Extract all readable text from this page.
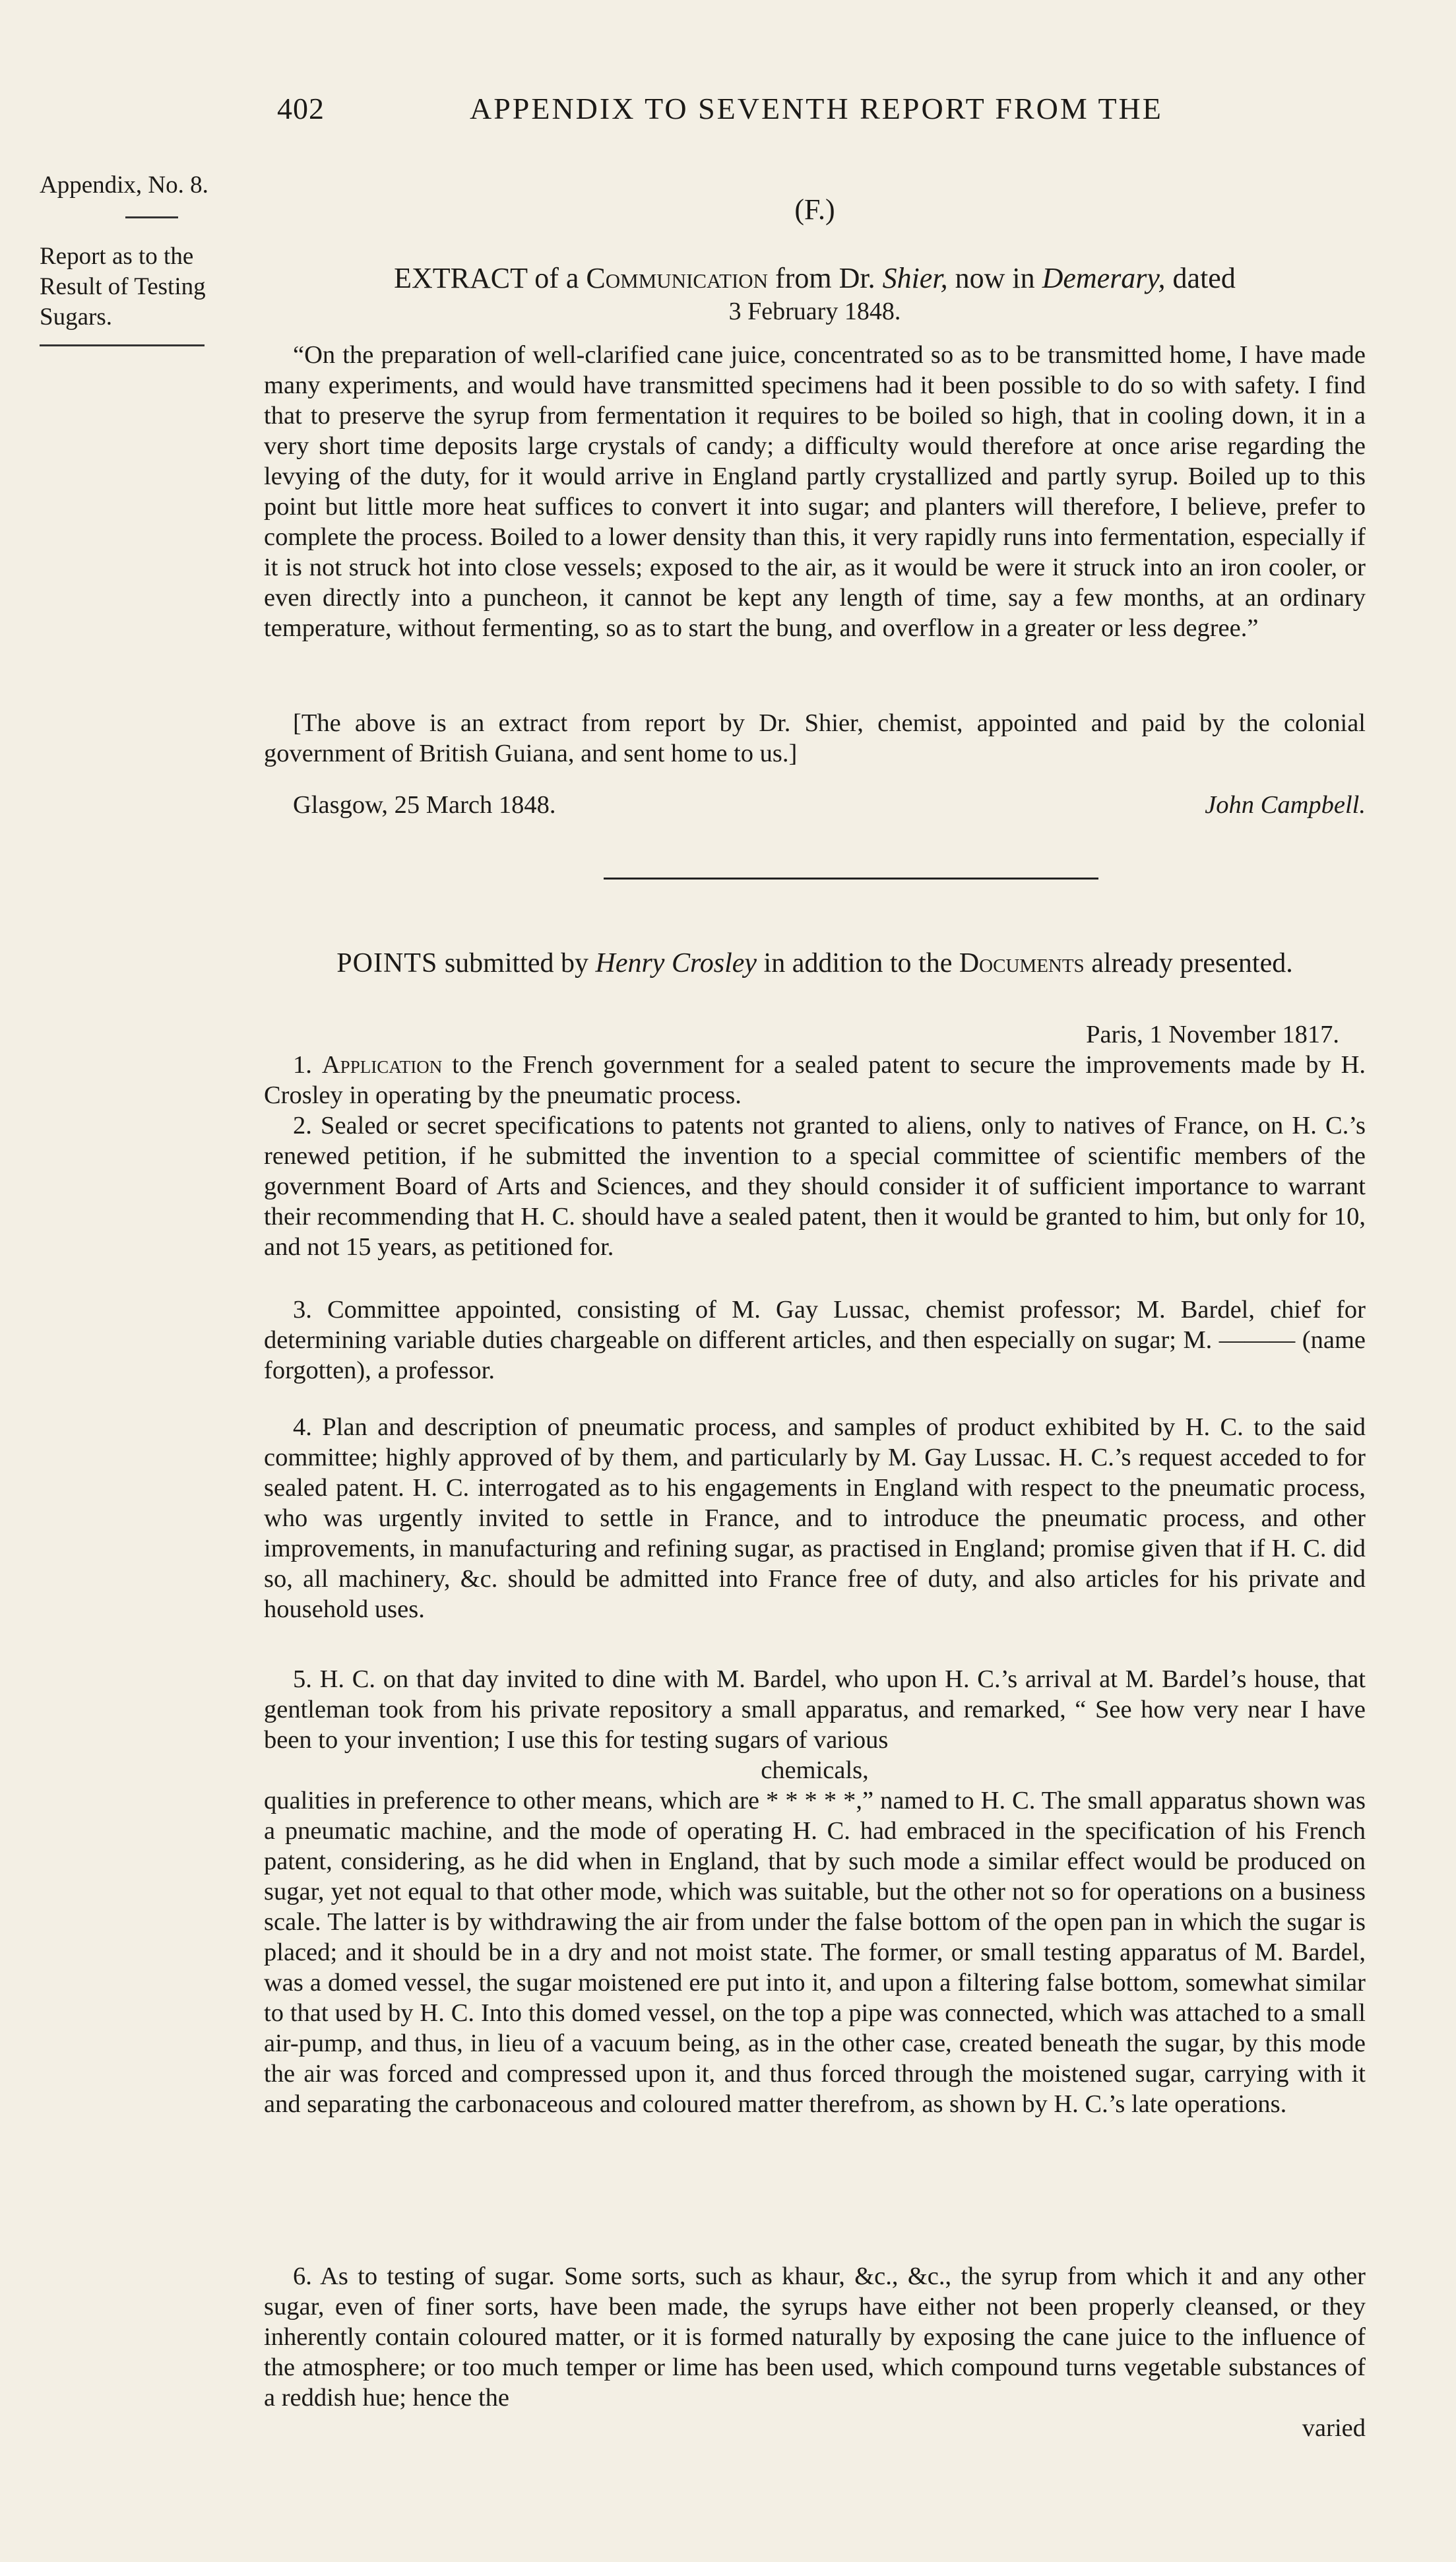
402	APPENDIX TO SEVENTH REPORT FROM THE
Appendix, No. 8.
Report as to the Result of Testing Sugars.

(F.)

EXTRACT of a Communication from Dr. Shier, now in Demerary, dated

3 February 1848.

“On the preparation of well-clarified cane juice, concentrated so as to be transmitted home, I have made many experiments, and would have transmitted specimens had it been possible to do so with safety. I find that to preserve the syrup from fermentation it requires to be boiled so high, that in cooling down, it in a very short time deposits large crystals of candy; a difficulty would therefore at once arise regarding the levying of the duty, for it would arrive in England partly crystallized and partly syrup. Boiled up to this point but little more heat suffices to convert it into sugar; and planters will therefore, I believe, prefer to complete the process. Boiled to a lower density than this, it very rapidly runs into fermentation, especially if it is not struck hot into close vessels; exposed to the air, as it would be were it struck into an iron cooler, or even directly into a puncheon, it cannot be kept any length of time, say a few months, at an ordinary temperature, without fermenting, so as to start the bung, and overflow in a greater or less degree.”

[The above is an extract from report by Dr. Shier, chemist, appointed and paid by the colonial government of British Guiana, and sent home to us.]

Glasgow, 25 March 1848.	John Campbell.

POINTS submitted by Henry Crosley in addition to the Documents already presented.

Paris, 1 November 1817.

1. Application to the French government for a sealed patent to secure the improvements made by H. Crosley in operating by the pneumatic process.

2. Sealed or secret specifications to patents not granted to aliens, only to natives of France, on H. C.’s renewed petition, if he submitted the invention to a special committee of scientific members of the government Board of Arts and Sciences, and they should consider it of sufficient importance to warrant their recommending that H. C. should have a sealed patent, then it would be granted to him, but only for 10, and not 15 years, as petitioned for.

3. Committee appointed, consisting of M. Gay Lussac, chemist professor; M. Bardel, chief for determining variable duties chargeable on different articles, and then especially on sugar; M. ——— (name forgotten), a professor.

4. Plan and description of pneumatic process, and samples of product exhibited by H. C. to the said committee; highly approved of by them, and particularly by M. Gay Lussac. H. C.’s request acceded to for sealed patent. H. C. interrogated as to his engagements in England with respect to the pneumatic process, who was urgently invited to settle in France, and to introduce the pneumatic process, and other improvements, in manufacturing and refining sugar, as practised in England; promise given that if H. C. did so, all machinery, &c. should be admitted into France free of duty, and also articles for his private and household uses.

5. H. C. on that day invited to dine with M. Bardel, who upon H. C.’s arrival at M. Bardel’s house, that gentleman took from his private repository a small apparatus, and remarked, “ See how very near I have been to your invention; I use this for testing sugars of various

chemicals,

qualities in preference to other means, which are * * * * *,” named to H. C. The small apparatus shown was a pneumatic machine, and the mode of operating H. C. had embraced in the specification of his French patent, considering, as he did when in England, that by such mode a similar effect would be produced on sugar, yet not equal to that other mode, which was suitable, but the other not so for operations on a business scale. The latter is by withdrawing the air from under the false bottom of the open pan in which the sugar is placed; and it should be in a dry and not moist state. The former, or small testing apparatus of M. Bardel, was a domed vessel, the sugar moistened ere put into it, and upon a filtering false bottom, somewhat similar to that used by H. C. Into this domed vessel, on the top a pipe was connected, which was attached to a small air-pump, and thus, in lieu of a vacuum being, as in the other case, created beneath the sugar, by this mode the air was forced and compressed upon it, and thus forced through the moistened sugar, carrying with it and separating the carbonaceous and coloured matter therefrom, as shown by H. C.’s late operations.

6. As to testing of sugar. Some sorts, such as khaur, &c., &c., the syrup from which it and any other sugar, even of finer sorts, have been made, the syrups have either not been properly cleansed, or they inherently contain coloured matter, or it is formed naturally by exposing the cane juice to the influence of the atmosphere; or too much temper or lime has been used, which compound turns vegetable substances of a reddish hue; hence the

varied
